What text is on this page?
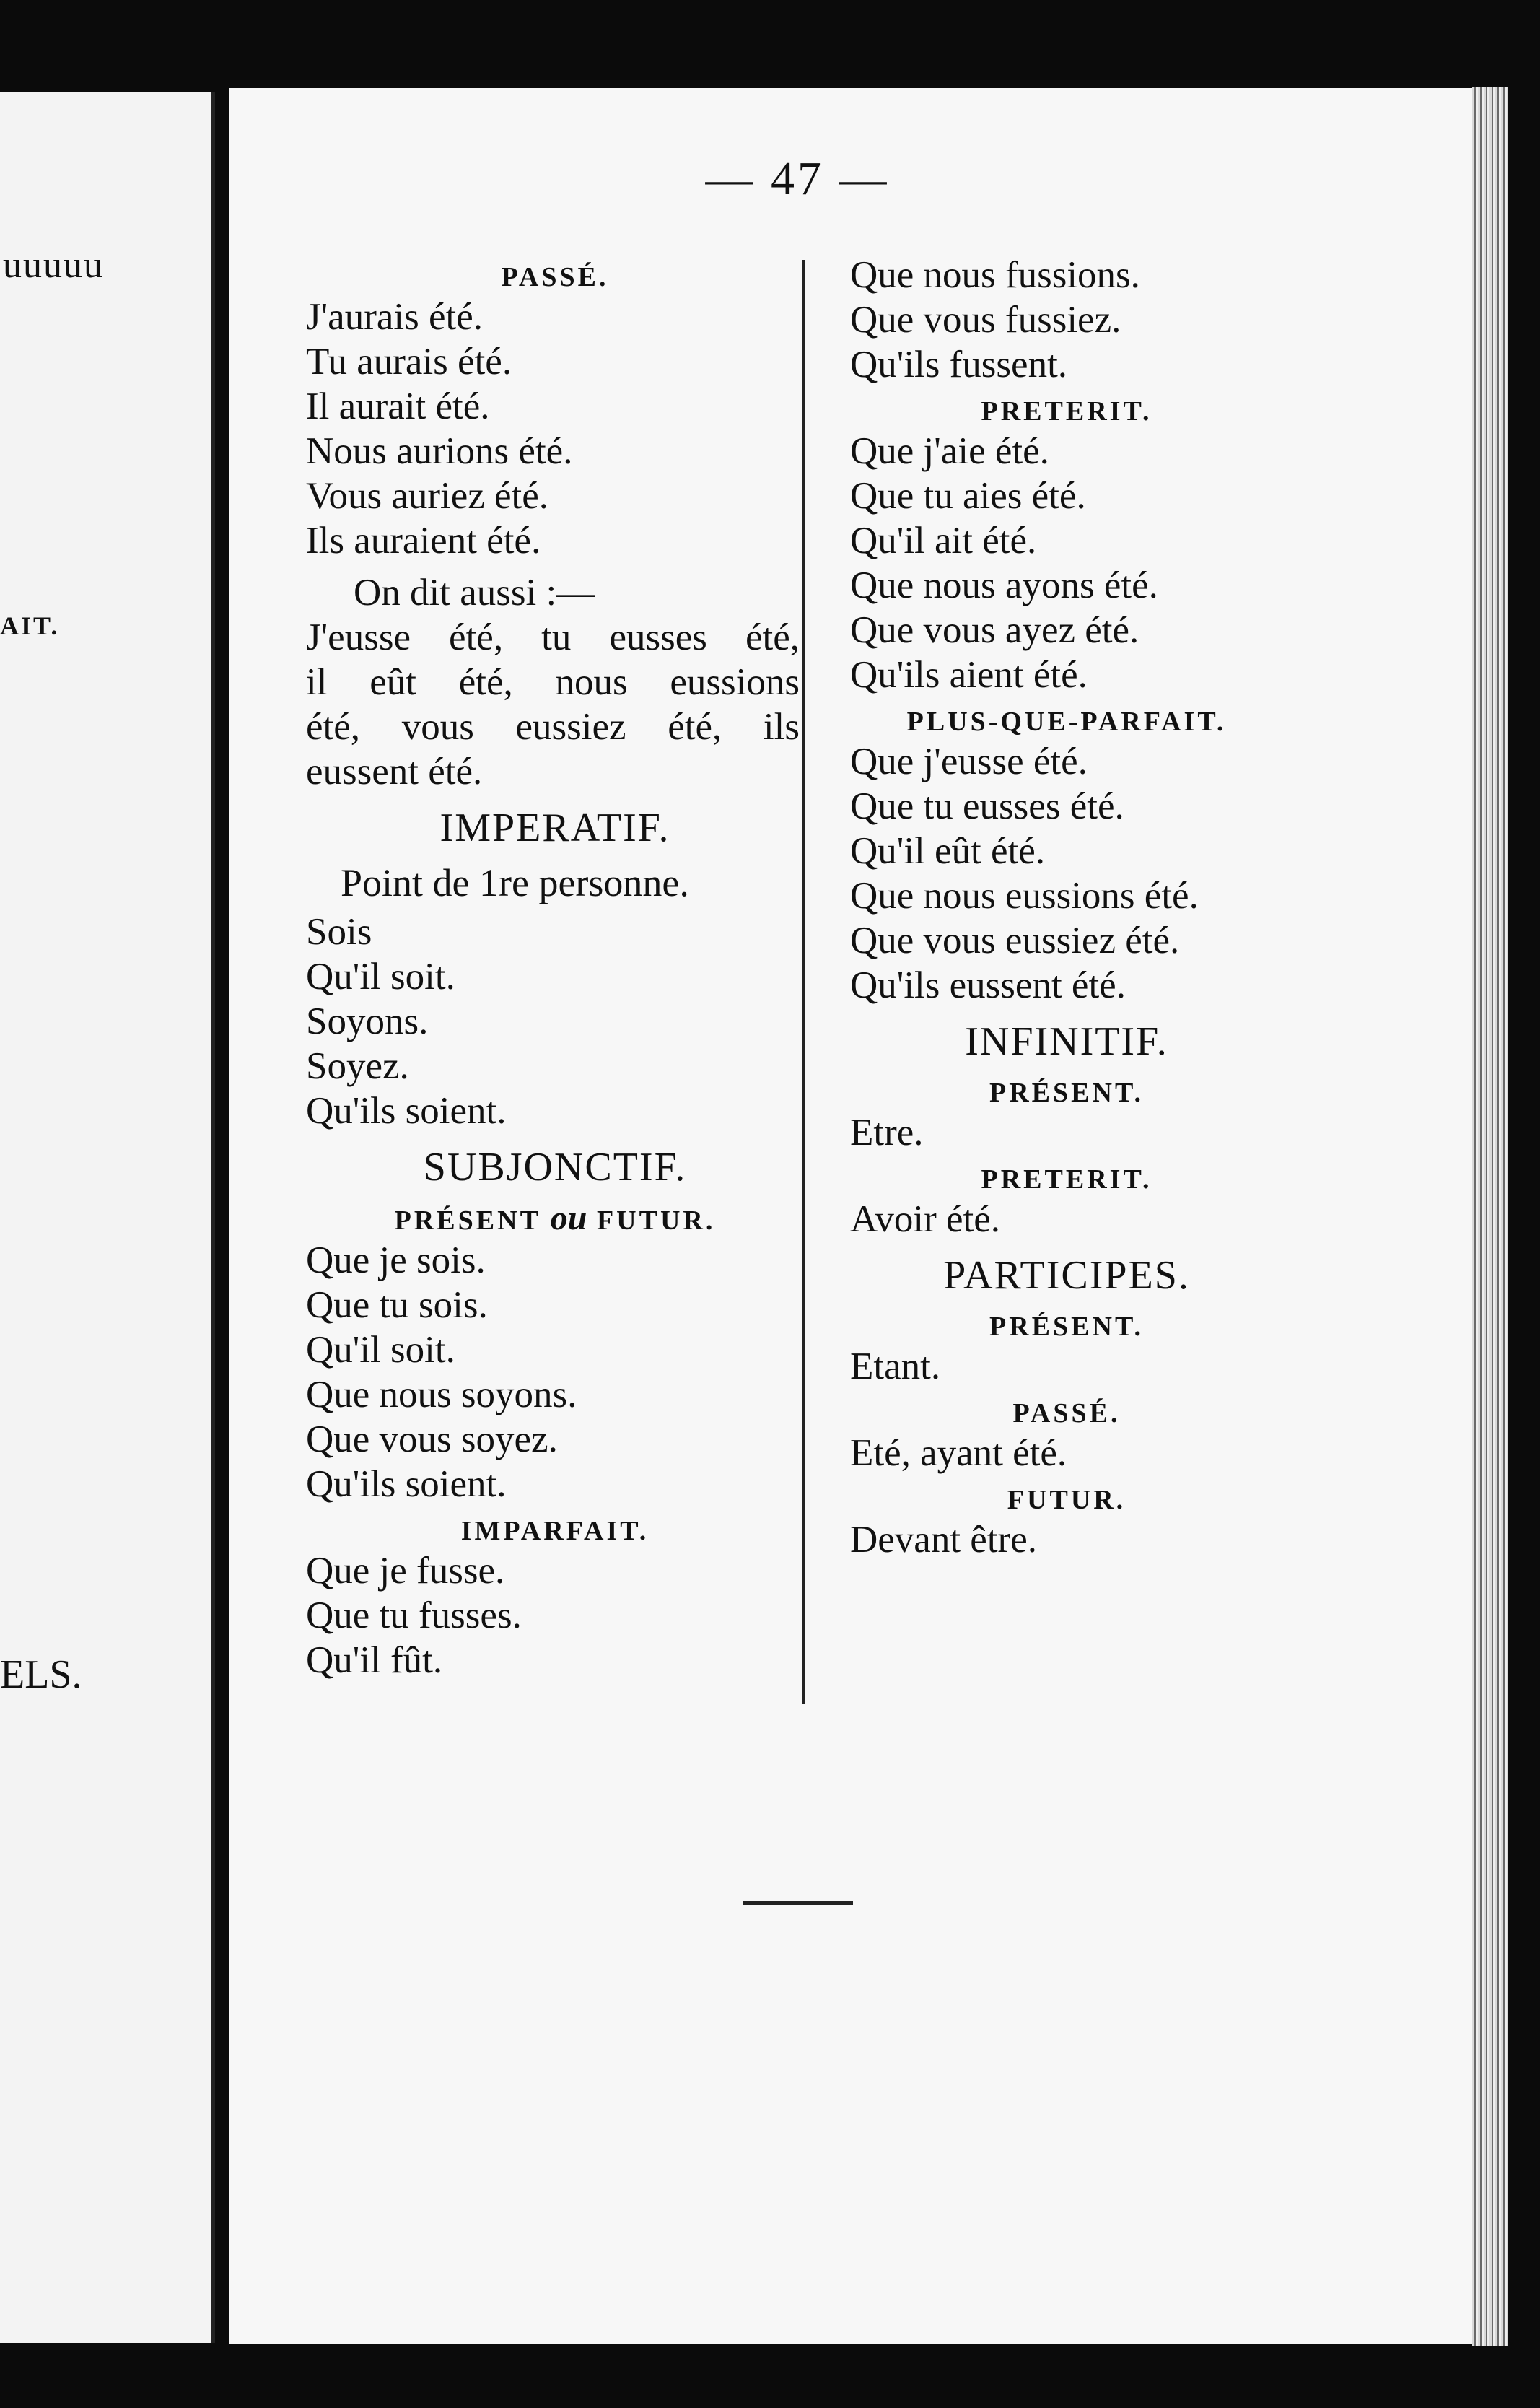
uuuuu
AIT.
ELS.
— 47 —
PASSÉ.
J'aurais été.
Tu aurais été.
Il aurait été.
Nous aurions été.
Vous auriez été.
Ils auraient été.
On dit aussi :—
J'eusse été, tu eusses été,
il eût été, nous eussions
été, vous eussiez été, ils
eussent été.
IMPERATIF.
Point de 1re personne.
Sois
Qu'il soit.
Soyons.
Soyez.
Qu'ils soient.
SUBJONCTIF.
PRÉSENT ou FUTUR.
Que je sois.
Que tu sois.
Qu'il soit.
Que nous soyons.
Que vous soyez.
Qu'ils soient.
IMPARFAIT.
Que je fusse.
Que tu fusses.
Qu'il fût.
Que nous fussions.
Que vous fussiez.
Qu'ils fussent.
PRETERIT.
Que j'aie été.
Que tu aies été.
Qu'il ait été.
Que nous ayons été.
Que vous ayez été.
Qu'ils aient été.
PLUS-QUE-PARFAIT.
Que j'eusse été.
Que tu eusses été.
Qu'il eût été.
Que nous eussions été.
Que vous eussiez été.
Qu'ils eussent été.
INFINITIF.
PRÉSENT.
Etre.
PRETERIT.
Avoir été.
PARTICIPES.
PRÉSENT.
Etant.
PASSÉ.
Eté, ayant été.
FUTUR.
Devant être.
